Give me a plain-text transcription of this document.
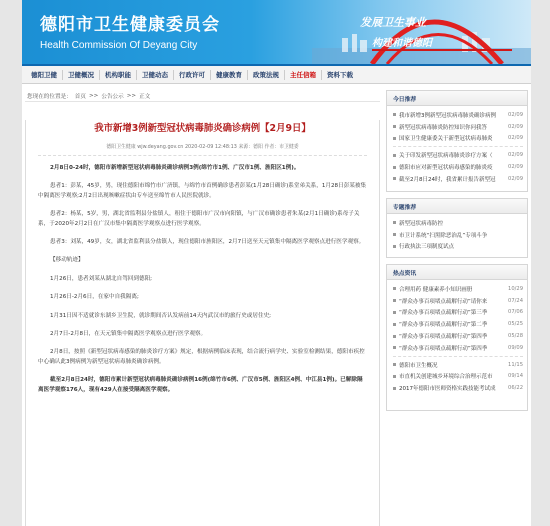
德阳市卫生健康委员会
Health Commission Of Deyang City
发展卫生事业
构建和谐德阳
德阳卫健	卫健概况	机构职能	卫健动态	行政许可	健康教育	政策法规	主任信箱	资料下载
您现在的位置是： 首页 >> 公告公示 >> 正文
我市新增3例新型冠状病毒肺炎确诊病例【2月9日】
德阳卫生健康 wjw.deyang.gov.cn 2020-02-09 12:48:13 来源：德阳 作者：市卫健委

2月8日0-24时，德阳市新增新型冠状病毒肺炎确诊病例3例(绵竹市1例、广汉市1例、旌阳区1例)。

患者1：彭某，45岁，男，现住德阳市绵竹市广济镇，与绵竹市首例确诊患者彭某(1月28日确诊)系堂弟关系，1月28日彭某被集中隔离医学观察;2月2日出现咳嗽症状由专车送至绵竹市人民医院就诊。

患者2：杨某，5岁，男，湖北省监利县分盐镇人，租住于德阳市广汉市向阳镇，与广汉市确诊患者朱某(2月1日确诊)系母子关系，于2020年2月2日在广汉市集中隔离医学观察点进行医学观察。

患者3：刘某，49岁，女，湖北省监利县分盐镇人，现住德阳市旌阳区，2月7日送至天元镇集中隔离医学观察点进行医学观察。

【移动轨迹】

1月26日，患者刘某从湖北自驾回到德阳;

1月26日-2月6日，在家中自我隔离;

1月31日因不适就诊东湖乡卫生院，就诊期间否认发病前14天内武汉市的旅行史或居住史;

2月7日-2月8日，在天元镇集中隔离医学观察点进行医学观察。

2月8日，按照《新型冠状病毒感染的肺炎诊疗方案》规定，根据病例临床表现，结合流行病学史、实验室检测结果，德阳市疾控中心确认此3例病例为新型冠状病毒肺炎确诊病例。

截至2月8日24时，德阳市累计新型冠状病毒肺炎确诊病例16例(绵竹市6例、广汉市5例、旌阳区4例、中江县1例)。已解除隔离医学观察176人，现有429人在接受隔离医学观察。

今日推荐
我市新增3例新型冠状病毒肺炎确诊病例	02/09
新型冠状病毒肺炎防控知识你问我答	02/09
国家卫生健康委关于新型冠状病毒肺炎	02/09
关于印发新型冠状病毒肺炎诊疗方案（	02/09
德阳市应对新型冠状病毒感染的肺炎疫	02/09
截至2月8日24时，我省累计报告新型冠	02/09
专题推荐
新型冠状病毒防控
市卫计系统“扫黑除恶治乱”专项斗争
行政执法三项制度试点
热点资讯
合理用药 健康素养小知识画册	10/29
“群众办事百项堵点疏解行动”请你来	07/24
“群众办事百项堵点疏解行动”第三季	07/06
“群众办事百项堵点疏解行动”第二季	05/25
“群众办事百项堵点疏解行动”第四季	05/28
“群众办事百项堵点疏解行动”第四季	09/09
德阳市卫生概况	11/15
市直机关创建城乡环境综合治理示范市	09/14
2017年德阳市医师资格实践技能考试成	06/22
